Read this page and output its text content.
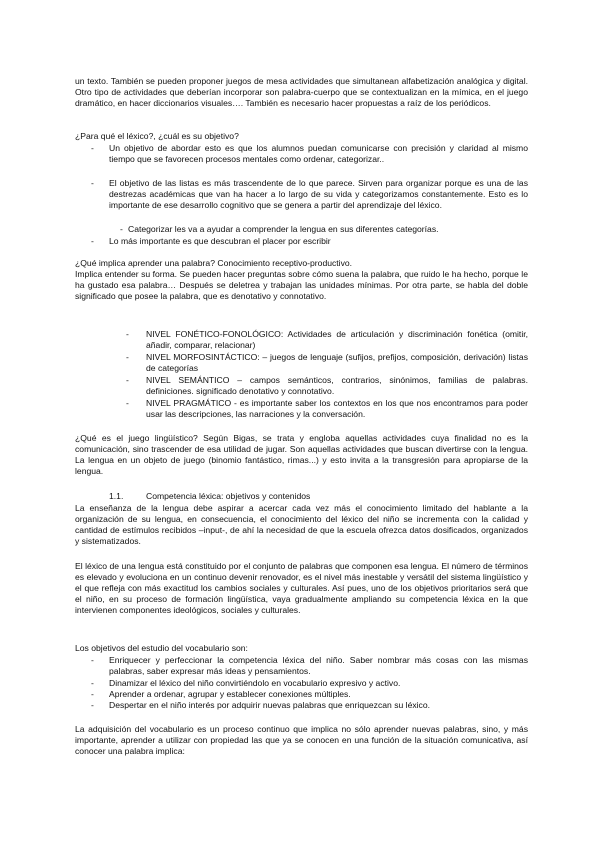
un texto. También se pueden proponer juegos de mesa actividades que simultanean alfabetización analógica y digital. Otro tipo de actividades que deberían incorporar son palabra-cuerpo que se contextualizan en la mímica, en el juego dramático, en hacer diccionarios visuales…. También es necesario hacer propuestas a raíz de los periódicos.

¿Para qué el léxico?, ¿cuál es su objetivo?

-	Un objetivo de abordar esto es que los alumnos puedan comunicarse con precisión y claridad al mismo tiempo que se favorecen procesos mentales como ordenar, categorizar..

-	El objetivo de las listas es más trascendente de lo que parece. Sirven para organizar porque es una de las destrezas académicas que van ha hacer a lo largo de su vida y categorizamos constantemente. Esto es lo importante de ese desarrollo cognitivo que se genera a partir del aprendizaje del léxico.

- Categorizar les va a ayudar a comprender la lengua en sus diferentes categorías.

-	Lo más importante es que descubran el placer por escribir

¿Qué implica aprender una palabra? Conocimiento receptivo-productivo.

Implica entender su forma. Se pueden hacer preguntas sobre cómo suena la palabra, que ruido le ha hecho, porque le ha gustado esa palabra… Después se deletrea y trabajan las unidades mínimas. Por otra parte, se habla del doble significado que posee la palabra, que es denotativo y connotativo.

-	NIVEL FONÉTICO-FONOLÓGICO: Actividades de articulación y discriminación fonética (omitir, añadir, comparar, relacionar)

-	NIVEL MORFOSINTÁCTICO: – juegos de lenguaje (sufijos, prefijos, composición, derivación) listas de categorías

-	NIVEL SEMÁNTICO – campos semánticos, contrarios, sinónimos, familias de palabras. definiciones. significado denotativo y connotativo.

-	NIVEL PRAGMÁTICO - es importante saber los contextos en los que nos encontramos para poder usar las descripciones, las narraciones y la conversación.

¿Qué es el juego lingüístico? Según Bigas, se trata y engloba aquellas actividades cuya finalidad no es la comunicación, sino trascender de esa utilidad de jugar. Son aquellas actividades que buscan divertirse con la lengua. La lengua en un objeto de juego (binomio fantástico, rimas...) y esto invita a la transgresión para apropiarse de la lengua.

1.1.	Competencia léxica: objetivos y contenidos

La enseñanza de la lengua debe aspirar a acercar cada vez más el conocimiento limitado del hablante a la organización de su lengua, en consecuencia, el conocimiento del léxico del niño se incrementa con la calidad y cantidad de estímulos recibidos –input-, de ahí la necesidad de que la escuela ofrezca datos dosificados, organizados y sistematizados.

El léxico de una lengua está constituido por el conjunto de palabras que componen esa lengua. El número de términos es elevado y evoluciona en un continuo devenir renovador, es el nivel más inestable y versátil del sistema lingüístico y el que refleja con más exactitud los cambios sociales y culturales. Así pues, uno de los objetivos prioritarios será que el niño, en su proceso de formación lingüística, vaya gradualmente ampliando su competencia léxica en la que intervienen componentes ideológicos, sociales y culturales.

Los objetivos del estudio del vocabulario son:

-	Enriquecer y perfeccionar la competencia léxica del niño. Saber nombrar más cosas con las mismas palabras, saber expresar más ideas y pensamientos.

-	Dinamizar el léxico del niño convirtiéndolo en vocabulario expresivo y activo.

-	Aprender a ordenar, agrupar y establecer conexiones múltiples.

-	Despertar en el niño interés por adquirir nuevas palabras que enriquezcan su léxico.

La adquisición del vocabulario es un proceso continuo que implica no sólo aprender nuevas palabras, sino, y más importante, aprender a utilizar con propiedad las que ya se conocen en una función de la situación comunicativa, así conocer una palabra implica:
